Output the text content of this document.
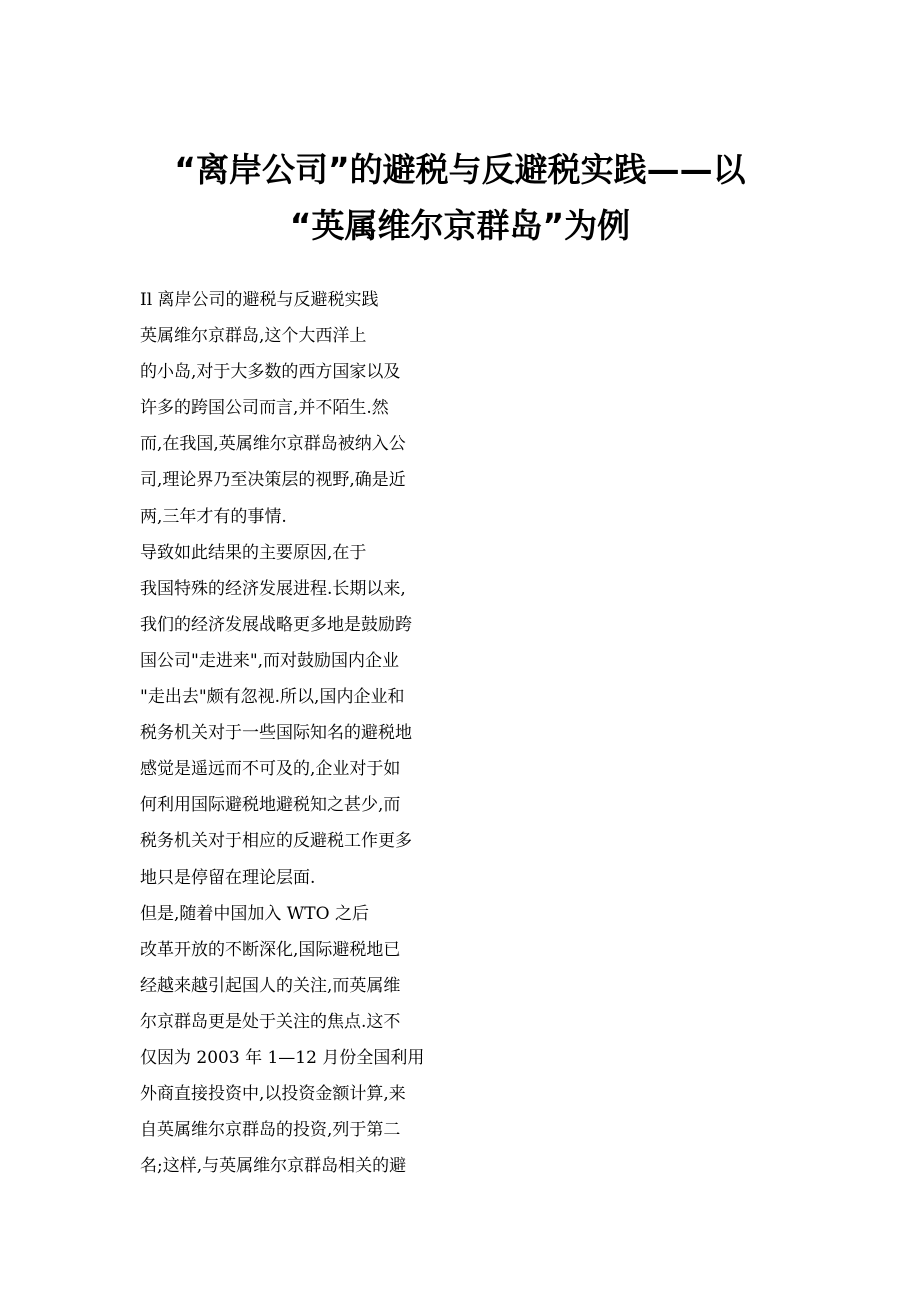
“离岸公司”的避税与反避税实践——以
“英属维尔京群岛”为例
Il 离岸公司的避税与反避税实践
英属维尔京群岛,这个大西洋上
的小岛,对于大多数的西方国家以及
许多的跨国公司而言,并不陌生.然
而,在我国,英属维尔京群岛被纳入公
司,理论界乃至决策层的视野,确是近
两,三年才有的事情.
导致如此结果的主要原因,在于
我国特殊的经济发展进程.长期以来,
我们的经济发展战略更多地是鼓励跨
国公司"走进来",而对鼓励国内企业
"走出去"颇有忽视.所以,国内企业和
税务机关对于一些国际知名的避税地
感觉是遥远而不可及的,企业对于如
何利用国际避税地避税知之甚少,而
税务机关对于相应的反避税工作更多
地只是停留在理论层面.
但是,随着中国加入 WTO 之后
改革开放的不断深化,国际避税地已
经越来越引起国人的关注,而英属维
尔京群岛更是处于关注的焦点.这不
仅因为 2003 年 1—12 月份全国利用
外商直接投资中,以投资金额计算,来
自英属维尔京群岛的投资,列于第二
名;这样,与英属维尔京群岛相关的避
